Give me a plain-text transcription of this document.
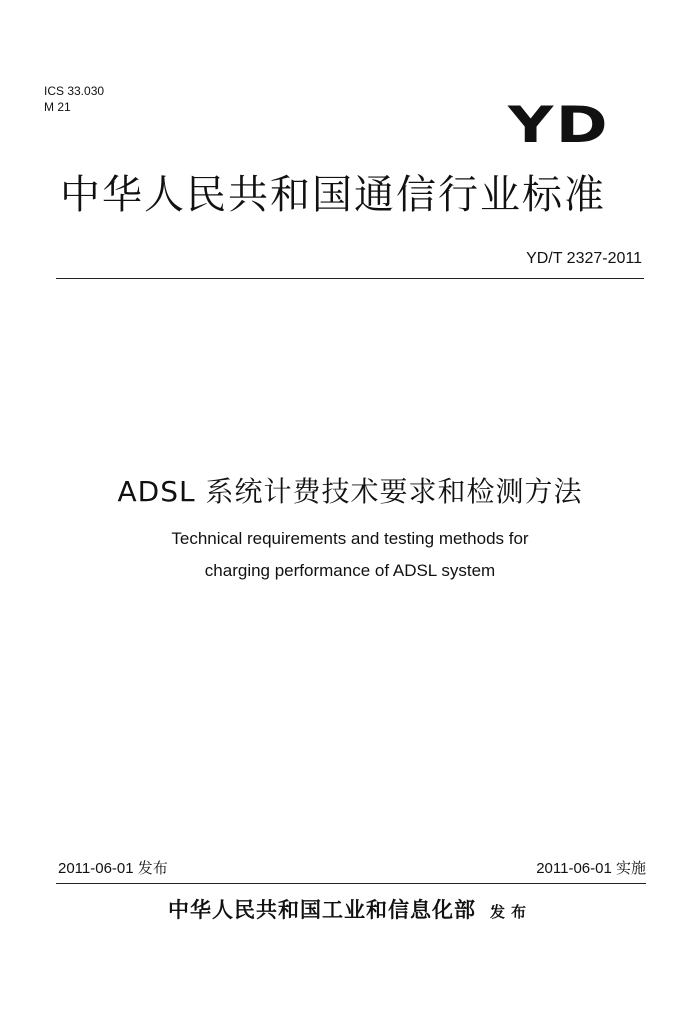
ICS 33.030
M 21	YD
中华人民共和国通信行业标准
YD/T 2327-2011
ADSL 系统计费技术要求和检测方法
Technical requirements and testing methods for
charging performance of ADSL system
2011-06-01 发布	2011-06-01 实施
中华人民共和国工业和信息化部 发布
